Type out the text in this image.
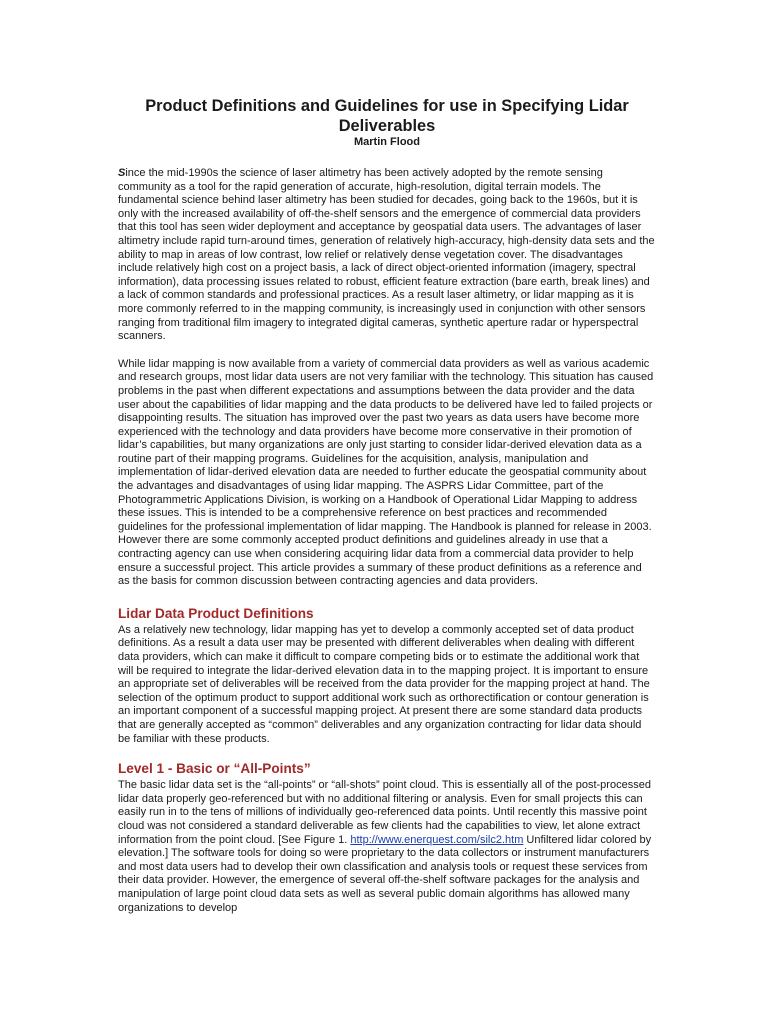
Product Definitions and Guidelines for use in Specifying Lidar Deliverables
Martin Flood

Since the mid-1990s the science of laser altimetry has been actively adopted by the remote sensing community as a tool for the rapid generation of accurate, high-resolution, digital terrain models. The fundamental science behind laser altimetry has been studied for decades, going back to the 1960s, but it is only with the increased availability of off-the-shelf sensors and the emergence of commercial data providers that this tool has seen wider deployment and acceptance by geospatial data users. The advantages of laser altimetry include rapid turn-around times, generation of relatively high-accuracy, high-density data sets and the ability to map in areas of low contrast, low relief or relatively dense vegetation cover. The disadvantages include relatively high cost on a project basis, a lack of direct object-oriented information (imagery, spectral information), data processing issues related to robust, efficient feature extraction (bare earth, break lines) and a lack of common standards and professional practices. As a result laser altimetry, or lidar mapping as it is more commonly referred to in the mapping community, is increasingly used in conjunction with other sensors ranging from traditional film imagery to integrated digital cameras, synthetic aperture radar or hyperspectral scanners.

While lidar mapping is now available from a variety of commercial data providers as well as various academic and research groups, most lidar data users are not very familiar with the technology. This situation has caused problems in the past when different expectations and assumptions between the data provider and the data user about the capabilities of lidar mapping and the data products to be delivered have led to failed projects or disappointing results. The situation has improved over the past two years as data users have become more experienced with the technology and data providers have become more conservative in their promotion of lidar’s capabilities, but many organizations are only just starting to consider lidar-derived elevation data as a routine part of their mapping programs. Guidelines for the acquisition, analysis, manipulation and implementation of lidar-derived elevation data are needed to further educate the geospatial community about the advantages and disadvantages of using lidar mapping. The ASPRS Lidar Committee, part of the Photogrammetric Applications Division, is working on a Handbook of Operational Lidar Mapping to address these issues. This is intended to be a comprehensive reference on best practices and recommended guidelines for the professional implementation of lidar mapping. The Handbook is planned for release in 2003. However there are some commonly accepted product definitions and guidelines already in use that a contracting agency can use when considering acquiring lidar data from a commercial data provider to help ensure a successful project. This article provides a summary of these product definitions as a reference and as the basis for common discussion between contracting agencies and data providers.

Lidar Data Product Definitions

As a relatively new technology, lidar mapping has yet to develop a commonly accepted set of data product definitions. As a result a data user may be presented with different deliverables when dealing with different data providers, which can make it difficult to compare competing bids or to estimate the additional work that will be required to integrate the lidar-derived elevation data in to the mapping project. It is important to ensure an appropriate set of deliverables will be received from the data provider for the mapping project at hand. The selection of the optimum product to support additional work such as orthorectification or contour generation is an important component of a successful mapping project. At present there are some standard data products that are generally accepted as “common” deliverables and any organization contracting for lidar data should be familiar with these products.

Level 1 - Basic or “All-Points”

The basic lidar data set is the “all-points” or “all-shots” point cloud. This is essentially all of the post-processed lidar data properly geo-referenced but with no additional filtering or analysis. Even for small projects this can easily run in to the tens of millions of individually geo-referenced data points. Until recently this massive point cloud was not considered a standard deliverable as few clients had the capabilities to view, let alone extract information from the point cloud. [See Figure 1. http://www.enerquest.com/silc2.htm Unfiltered lidar colored by elevation.] The software tools for doing so were proprietary to the data collectors or instrument manufacturers and most data users had to develop their own classification and analysis tools or request these services from their data provider. However, the emergence of several off-the-shelf software packages for the analysis and manipulation of large point cloud data sets as well as several public domain algorithms has allowed many organizations to develop
